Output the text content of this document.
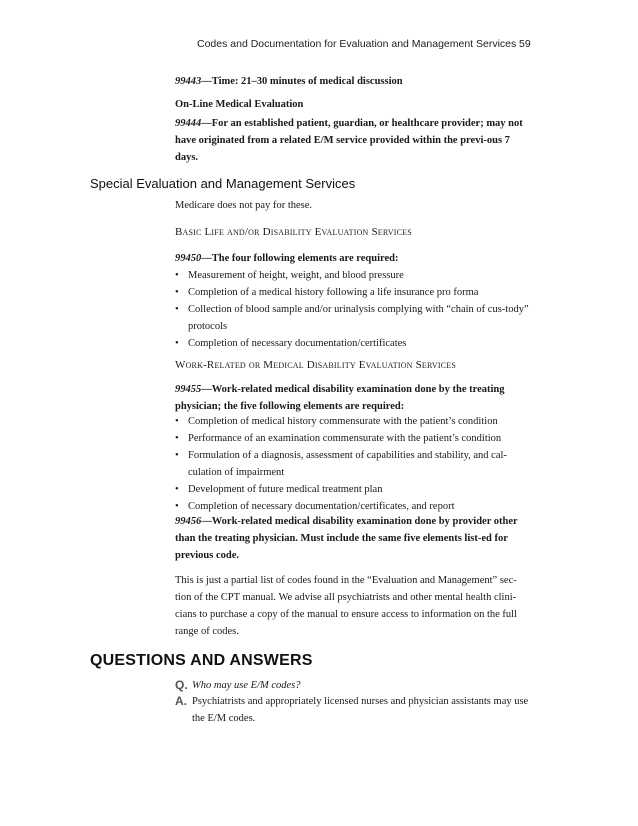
Codes and Documentation for Evaluation and Management Services 59
99443—Time: 21–30 minutes of medical discussion
On-Line Medical Evaluation
99444—For an established patient, guardian, or healthcare provider; may not have originated from a related E/M service provided within the previ-ous 7 days.
Special Evaluation and Management Services
Medicare does not pay for these.
Basic Life and/or Disability Evaluation Services
99450—The four following elements are required:
• Measurement of height, weight, and blood pressure
• Completion of a medical history following a life insurance pro forma
• Collection of blood sample and/or urinalysis complying with “chain of cus-tody” protocols
• Completion of necessary documentation/certificates
Work-Related or Medical Disability Evaluation Services
99455—Work-related medical disability examination done by the treating physician; the five following elements are required:
• Completion of medical history commensurate with the patient’s condition
• Performance of an examination commensurate with the patient’s condition
• Formulation of a diagnosis, assessment of capabilities and stability, and cal-culation of impairment
• Development of future medical treatment plan
• Completion of necessary documentation/certificates, and report
99456—Work-related medical disability examination done by provider other than the treating physician. Must include the same five elements list-ed for previous code.
This is just a partial list of codes found in the “Evaluation and Management” sec-tion of the CPT manual. We advise all psychiatrists and other mental health clini-cians to purchase a copy of the manual to ensure access to information on the full range of codes.
QUESTIONS AND ANSWERS
Q. Who may use E/M codes?
A. Psychiatrists and appropriately licensed nurses and physician assistants may use the E/M codes.
